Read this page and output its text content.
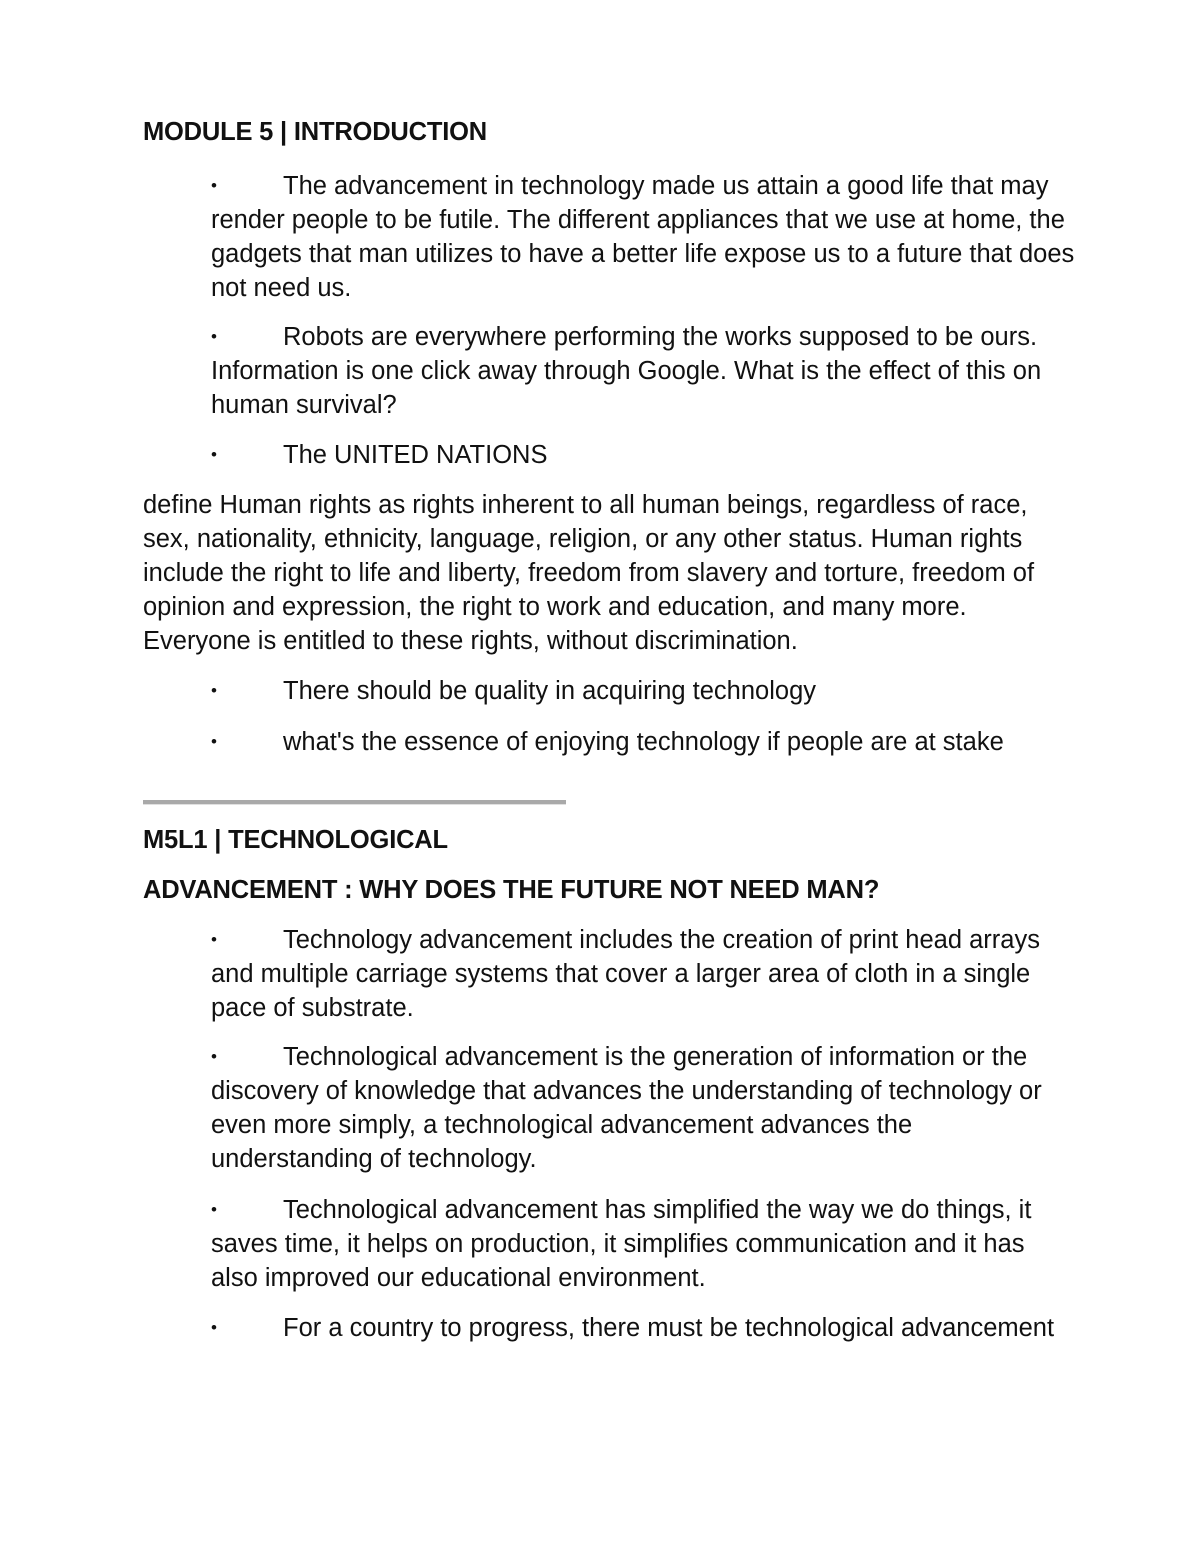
MODULE 5 | INTRODUCTION
•	The advancement in technology made us attain a good life that may render people to be futile. The different appliances that we use at home, the gadgets that man utilizes to have a better life expose us to a future that does not need us.
•	Robots are everywhere performing the works supposed to be ours. Information is one click away through Google. What is the effect of this on human survival?
•	The UNITED NATIONS
define Human rights as rights inherent to all human beings, regardless of race, sex, nationality, ethnicity, language, religion, or any other status. Human rights include the right to life and liberty, freedom from slavery and torture, freedom of opinion and expression, the right to work and education, and many more. Everyone is entitled to these rights, without discrimination.
•	There should be quality in acquiring technology
•	what's the essence of enjoying technology if people are at stake
M5L1 | TECHNOLOGICAL
ADVANCEMENT : WHY DOES THE FUTURE NOT NEED MAN?
•	Technology advancement includes the creation of print head arrays and multiple carriage systems that cover a larger area of cloth in a single pace of substrate.
•	Technological advancement is the generation of information or the discovery of knowledge that advances the understanding of technology or even more simply, a technological advancement advances the understanding of technology.
•	Technological advancement has simplified the way we do things, it saves time, it helps on production, it simplifies communication and it has also improved our educational environment.
•	For a country to progress, there must be technological advancement
